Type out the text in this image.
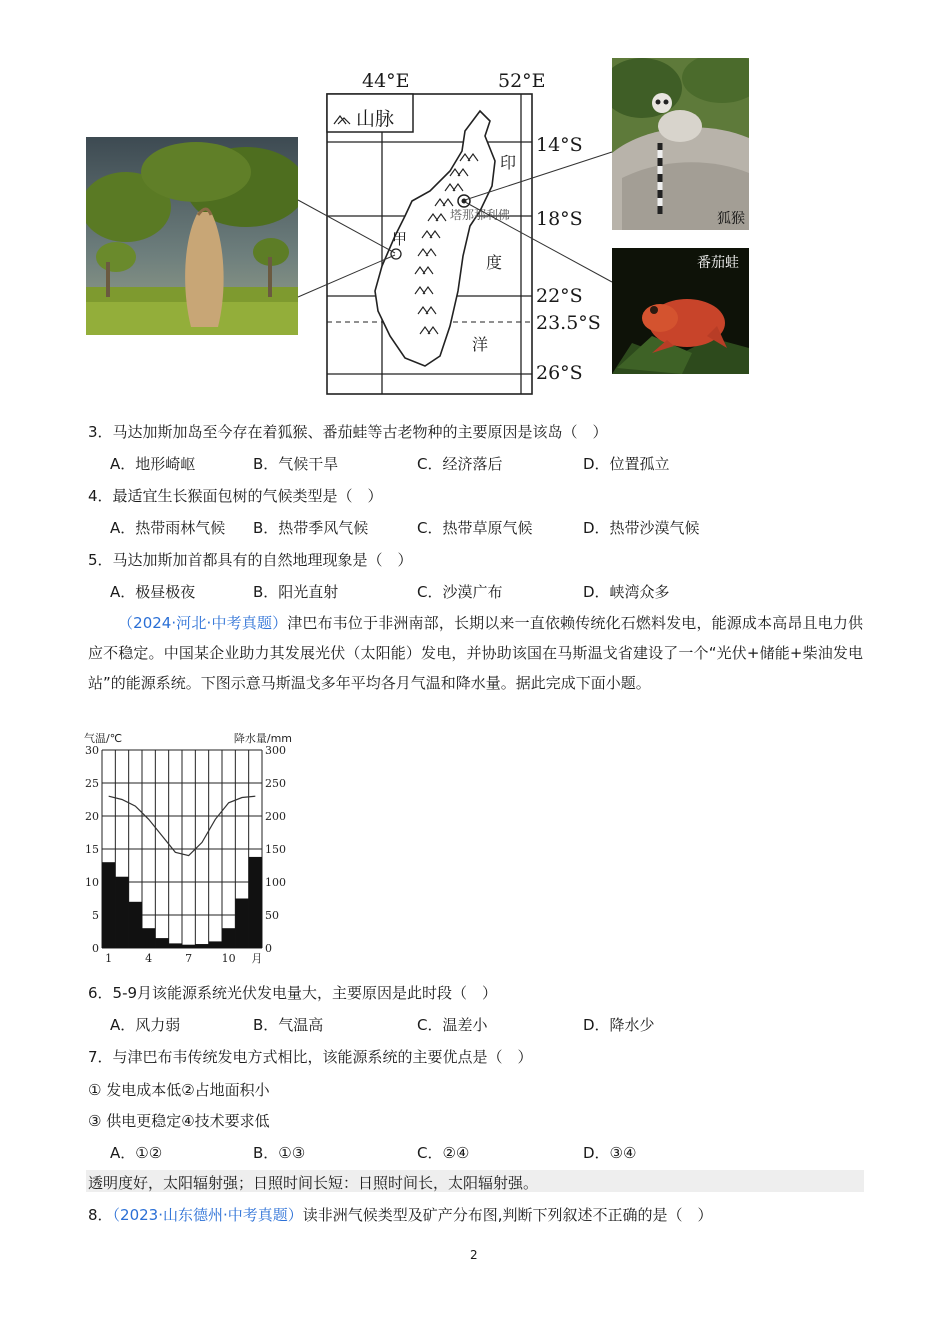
44°E	52°E
山脉
14°S
18°S
22°S
23.5°S
26°S
印
度
洋
甲
塔那那利佛	狐猴
番茄蛙
3．马达加斯加岛至今存在着狐猴、番茄蛙等古老物种的主要原因是该岛（　）
A．地形崎岖	B．气候干旱	C．经济落后	D．位置孤立
4．最适宜生长猴面包树的气候类型是（　）
A．热带雨林气候 B．热带季风气候	C．热带草原气候	D．热带沙漠气候
5．马达加斯加首都具有的自然地理现象是（　）
A．极昼极夜	B．阳光直射	C．沙漠广布	D．峡湾众多
（2024·河北·中考真题）津巴布韦位于非洲南部，长期以来一直依赖传统化石燃料发电，能源成本高昂且电力供应不稳定。中国某企业助力其发展光伏（太阳能）发电，并协助该国在马斯温戈省建设了一个“光伏+储能+柴油发电站”的能源系统。下图示意马斯温戈多年平均各月气温和降水量。据此完成下面小题。
气温/℃	降水量/mm
30	300
25	250
20	200
15	150
10	100
5	50
0	0
1	4	7	10 月
6．5-9月该能源系统光伏发电量大，主要原因是此时段（　）
A．风力弱	B．气温高	C．温差小	D．降水少
7．与津巴布韦传统发电方式相比，该能源系统的主要优点是（　）
① 发电成本低②占地面积小
③ 供电更稳定④技术要求低
A．①②	B．①③	C．②④	D．③④
透明度好，太阳辐射强；日照时间长短：日照时间长，太阳辐射强。
8．（2023·山东德州·中考真题）读非洲气候类型及矿产分布图,判断下列叙述不正确的是（　）
2
